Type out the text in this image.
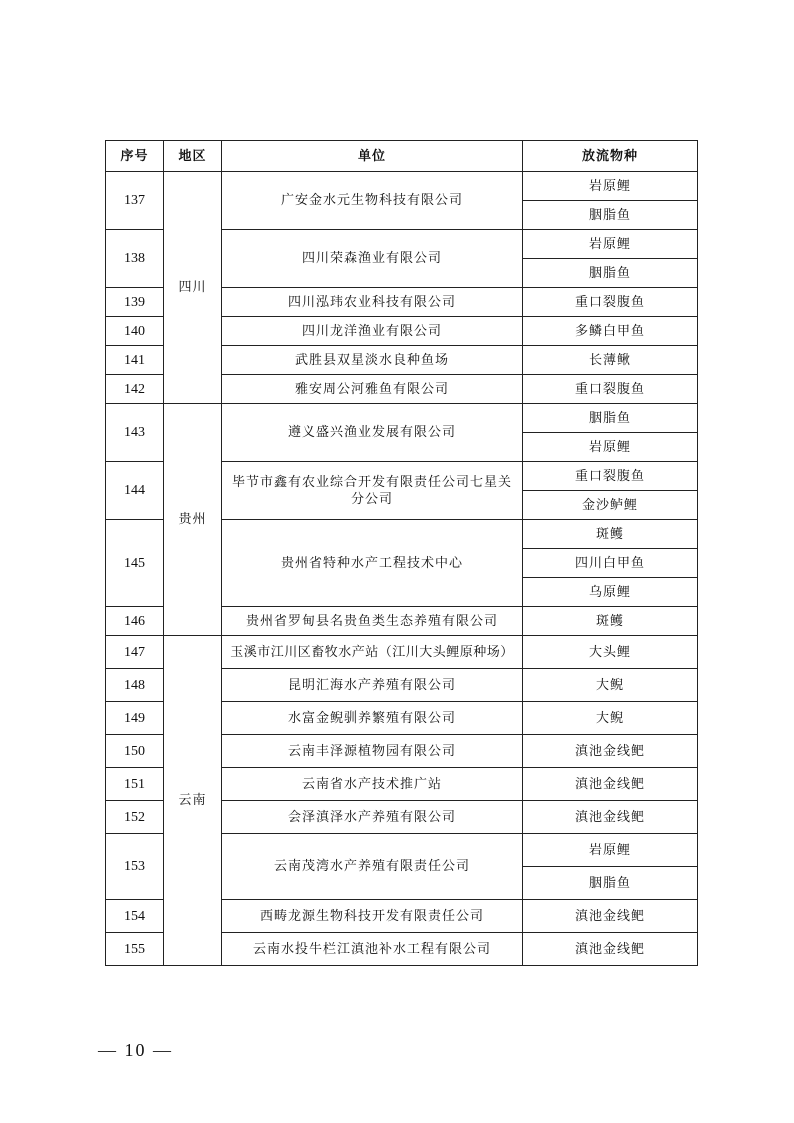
序号	地区	单位	放流物种
137	四川	广安金水元生物科技有限公司	岩原鲤
			胭脂鱼
138		四川荣森渔业有限公司	岩原鲤
			胭脂鱼
139		四川泓玮农业科技有限公司	重口裂腹鱼
140		四川龙洋渔业有限公司	多鳞白甲鱼
141		武胜县双星淡水良种鱼场	长薄鳅
142		雅安周公河雅鱼有限公司	重口裂腹鱼
143	贵州	遵义盛兴渔业发展有限公司	胭脂鱼
			岩原鲤
144		毕节市鑫有农业综合开发有限责任公司七星关分公司	重口裂腹鱼
			金沙鲈鲤
145		贵州省特种水产工程技术中心	斑鳠
			四川白甲鱼
			乌原鲤
146		贵州省罗甸县名贵鱼类生态养殖有限公司	斑鳠
147	云南	玉溪市江川区畜牧水产站（江川大头鲤原种场）	大头鲤
148		昆明汇海水产养殖有限公司	大鲵
149		水富金鲵驯养繁殖有限公司	大鲵
150		云南丰泽源植物园有限公司	滇池金线鲃
151		云南省水产技术推广站	滇池金线鲃
152		会泽滇泽水产养殖有限公司	滇池金线鲃
153		云南茂湾水产养殖有限责任公司	岩原鲤
			胭脂鱼
154		西畴龙源生物科技开发有限责任公司	滇池金线鲃
155		云南水投牛栏江滇池补水工程有限公司	滇池金线鲃
— 10 —
